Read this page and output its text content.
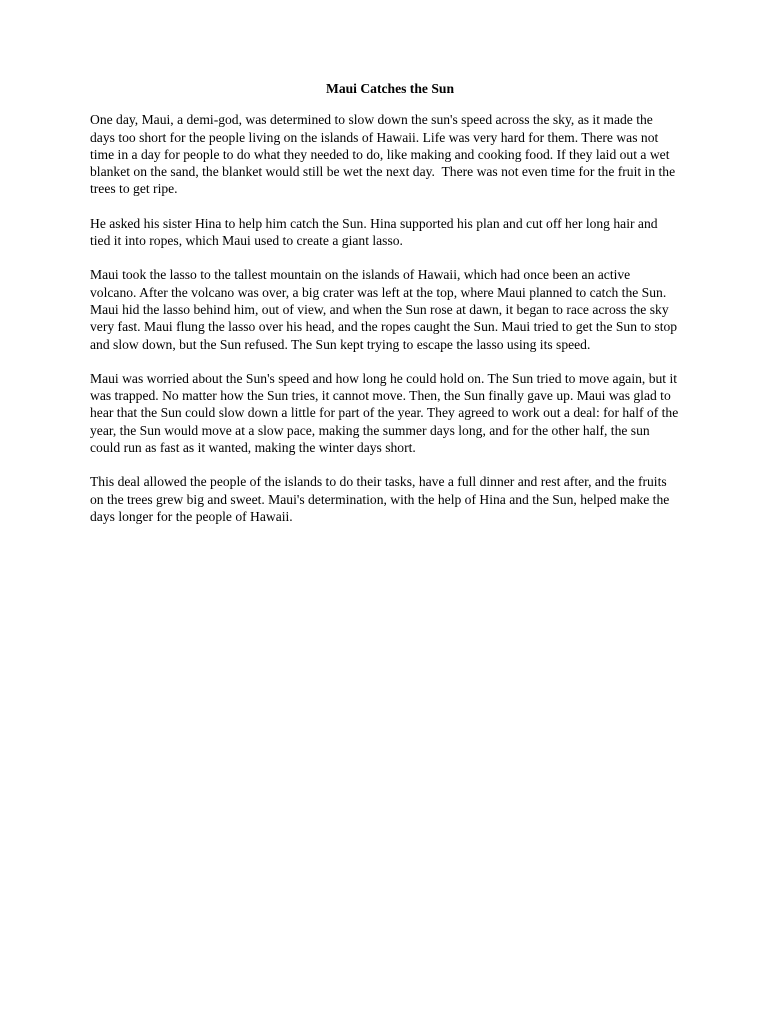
Maui Catches the Sun

One day, Maui, a demi-god, was determined to slow down the sun's speed across the sky, as it made the days too short for the people living on the islands of Hawaii. Life was very hard for them. There was not time in a day for people to do what they needed to do, like making and cooking food. If they laid out a wet blanket on the sand, the blanket would still be wet the next day.  There was not even time for the fruit in the trees to get ripe.

He asked his sister Hina to help him catch the Sun. Hina supported his plan and cut off her long hair and tied it into ropes, which Maui used to create a giant lasso.

Maui took the lasso to the tallest mountain on the islands of Hawaii, which had once been an active volcano. After the volcano was over, a big crater was left at the top, where Maui planned to catch the Sun. Maui hid the lasso behind him, out of view, and when the Sun rose at dawn, it began to race across the sky very fast. Maui flung the lasso over his head, and the ropes caught the Sun. Maui tried to get the Sun to stop and slow down, but the Sun refused. The Sun kept trying to escape the lasso using its speed.

Maui was worried about the Sun's speed and how long he could hold on. The Sun tried to move again, but it was trapped. No matter how the Sun tries, it cannot move. Then, the Sun finally gave up. Maui was glad to hear that the Sun could slow down a little for part of the year. They agreed to work out a deal: for half of the year, the Sun would move at a slow pace, making the summer days long, and for the other half, the sun could run as fast as it wanted, making the winter days short.

This deal allowed the people of the islands to do their tasks, have a full dinner and rest after, and the fruits on the trees grew big and sweet. Maui's determination, with the help of Hina and the Sun, helped make the days longer for the people of Hawaii.
